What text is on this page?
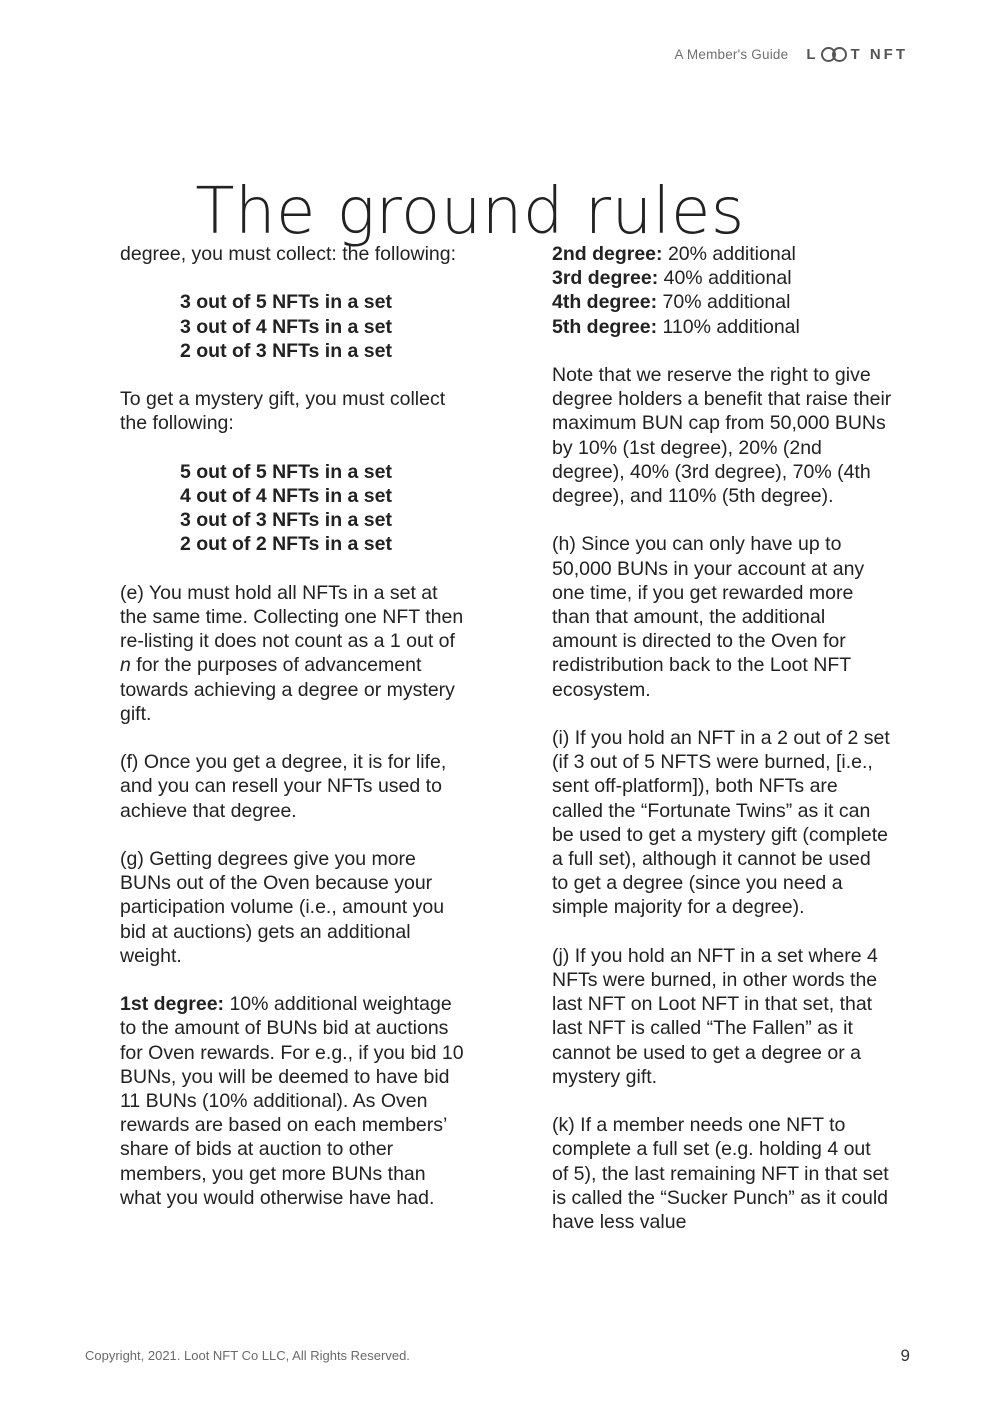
A Member's Guide L T NFT
The ground rules

degree, you must collect: the following:

3 out of 5 NFTs in a set
3 out of 4 NFTs in a set
2 out of 3 NFTs in a set

To get a mystery gift, you must collect the following:

5 out of 5 NFTs in a set
4 out of 4 NFTs in a set
3 out of 3 NFTs in a set
2 out of 2 NFTs in a set

(e) You must hold all NFTs in a set at the same time. Collecting one NFT then re-listing it does not count as a 1 out of n for the purposes of advancement towards achieving a degree or mystery gift.

(f) Once you get a degree, it is for life, and you can resell your NFTs used to achieve that degree.

(g) Getting degrees give you more BUNs out of the Oven because your participation volume (i.e., amount you bid at auctions) gets an additional weight.

1st degree: 10% additional weightage to the amount of BUNs bid at auctions for Oven rewards. For e.g., if you bid 10 BUNs, you will be deemed to have bid 11 BUNs (10% additional). As Oven rewards are based on each members’ share of bids at auction to other members, you get more BUNs than what you would otherwise have had.

2nd degree: 20% additional
3rd degree: 40% additional
4th degree: 70% additional
5th degree: 110% additional

Note that we reserve the right to give degree holders a benefit that raise their maximum BUN cap from 50,000 BUNs by 10% (1st degree), 20% (2nd degree), 40% (3rd degree), 70% (4th degree), and 110% (5th degree).

(h) Since you can only have up to 50,000 BUNs in your account at any one time, if you get rewarded more than that amount, the additional amount is directed to the Oven for redistribution back to the Loot NFT ecosystem.

(i) If you hold an NFT in a 2 out of 2 set (if 3 out of 5 NFTS were burned, [i.e., sent off-platform]), both NFTs are called the “Fortunate Twins” as it can be used to get a mystery gift (complete a full set), although it cannot be used to get a degree (since you need a simple majority for a degree).

(j) If you hold an NFT in a set where 4 NFTs were burned, in other words the last NFT on Loot NFT in that set, that last NFT is called “The Fallen” as it cannot be used to get a degree or a mystery gift.

(k) If a member needs one NFT to complete a full set (e.g. holding 4 out of 5), the last remaining NFT in that set is called the “Sucker Punch” as it could have less value

Copyright, 2021. Loot NFT Co LLC, All Rights Reserved.	9
